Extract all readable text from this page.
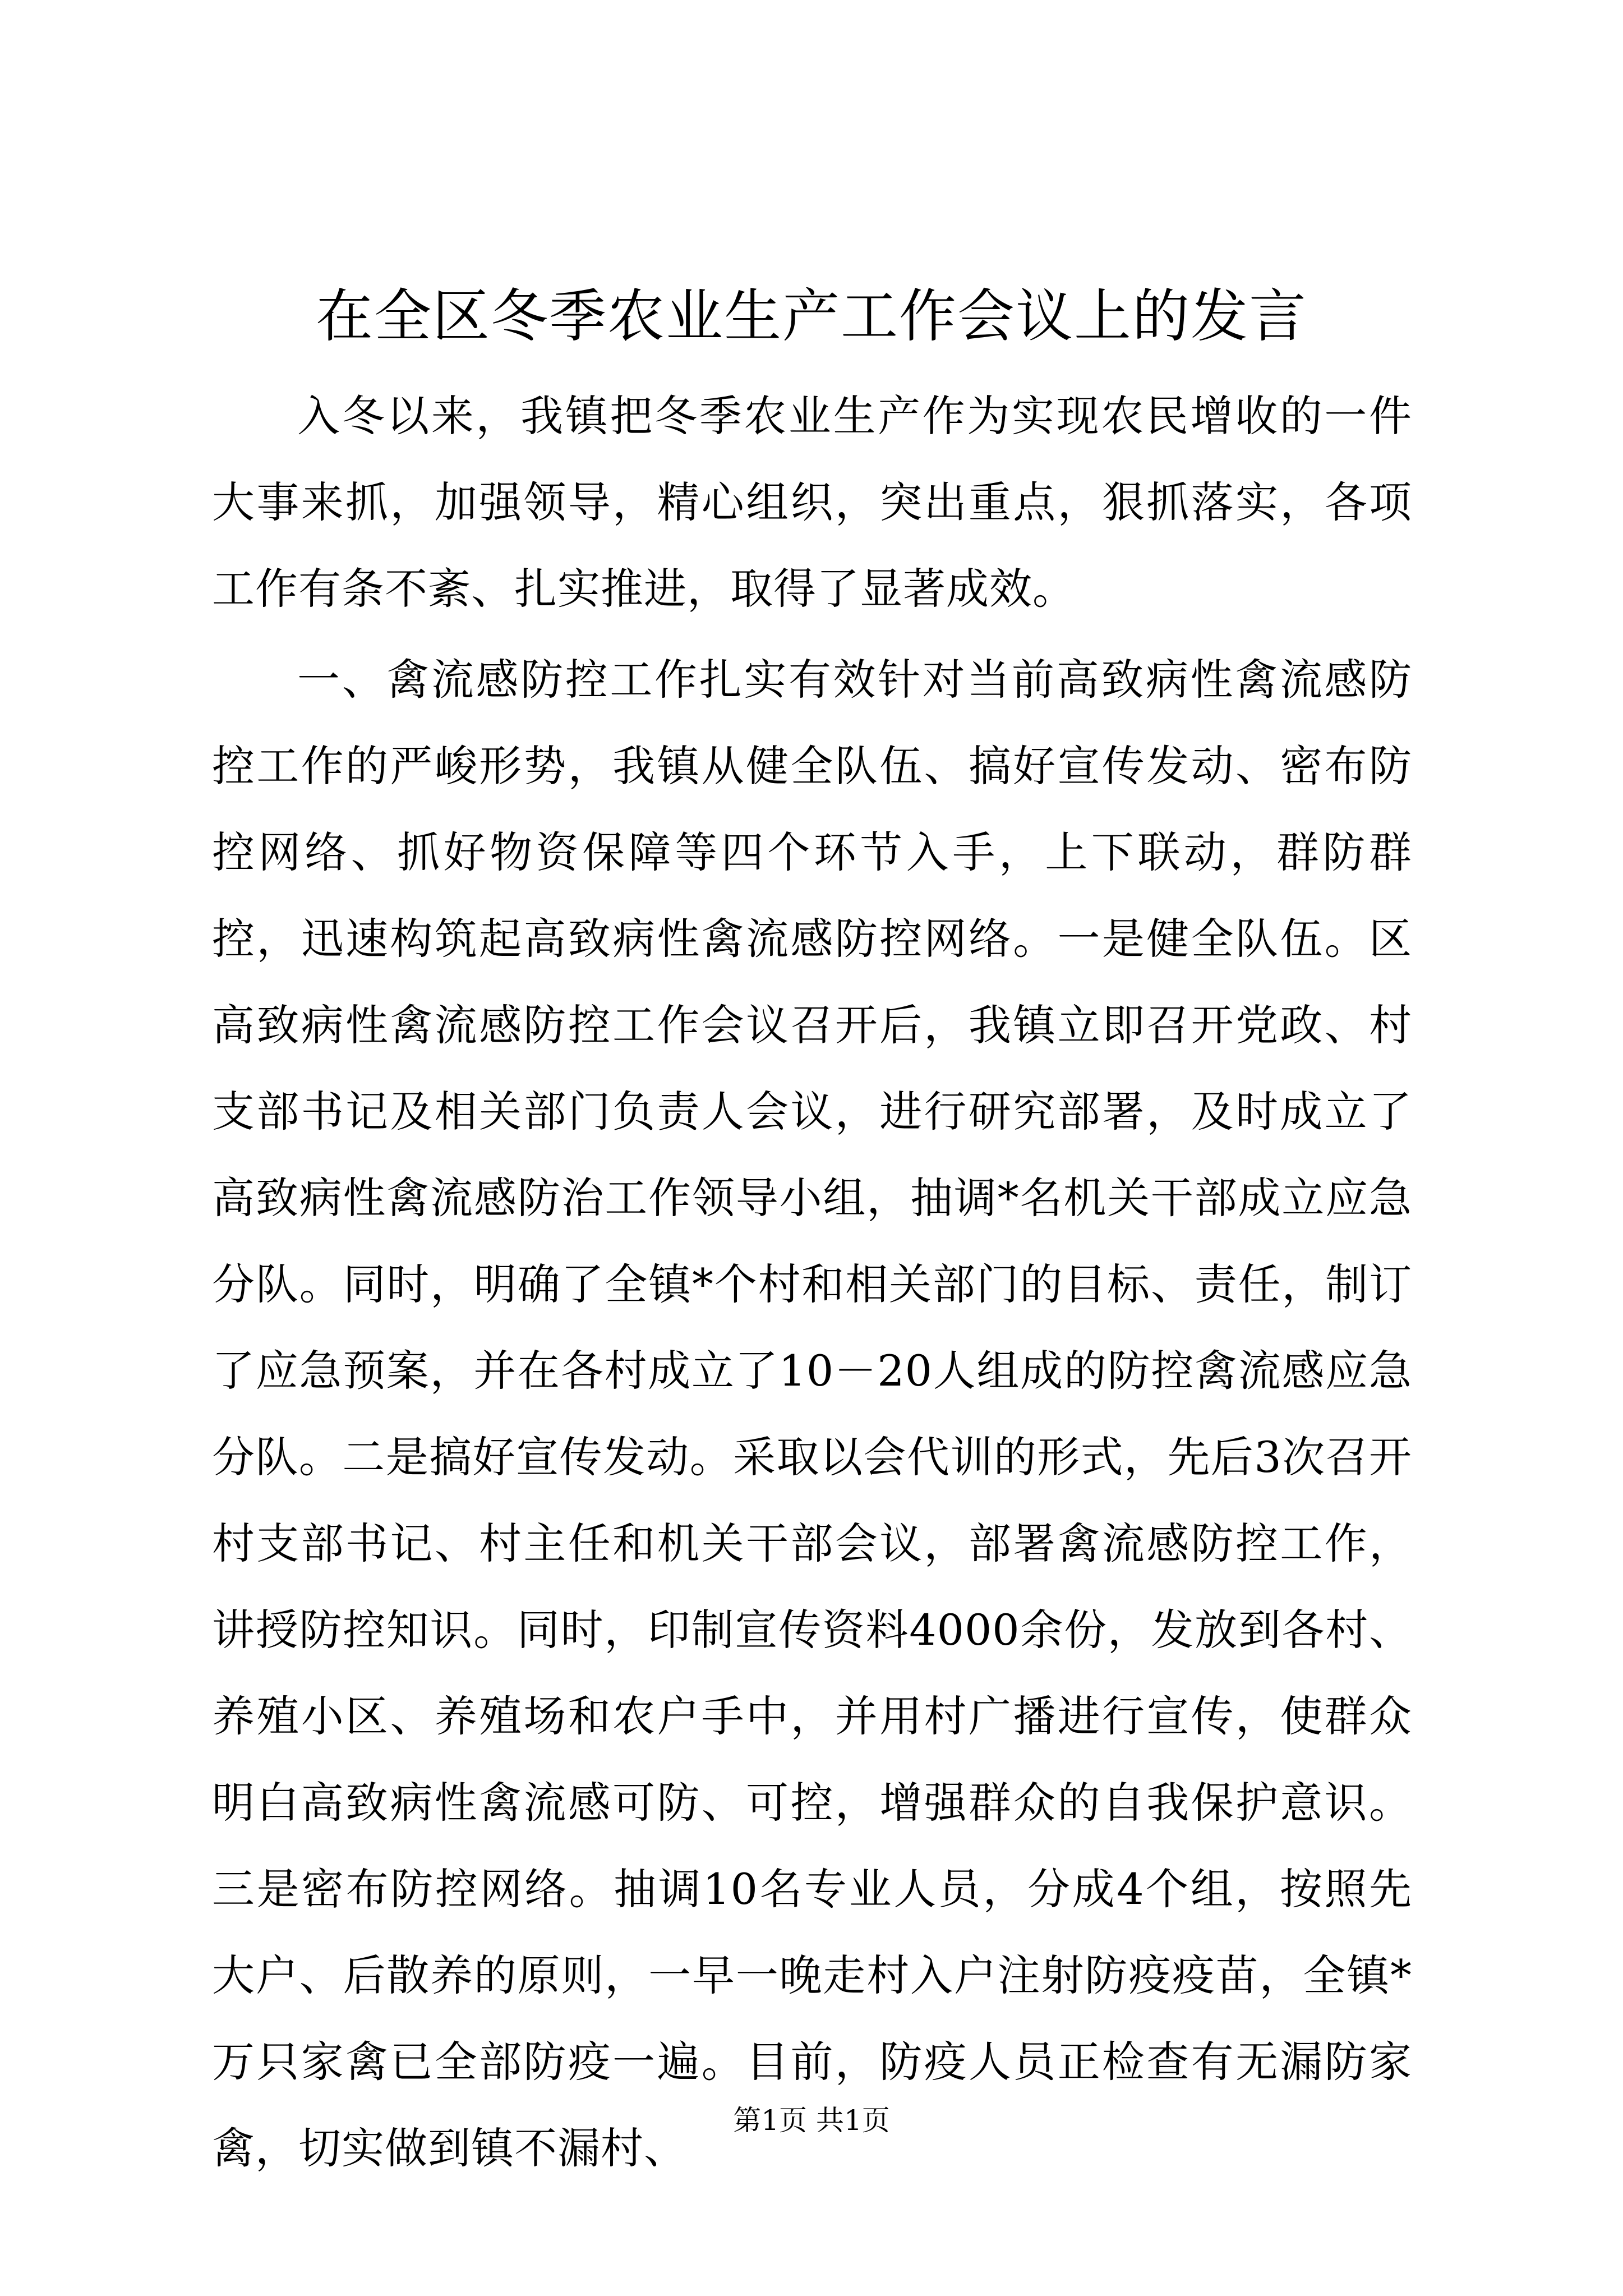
在全区冬季农业生产工作会议上的发言

入冬以来，我镇把冬季农业生产作为实现农民增收的一件大事来抓，加强领导，精心组织，突出重点，狠抓落实，各项工作有条不紊、扎实推进，取得了显著成效。

一、禽流感防控工作扎实有效针对当前高致病性禽流感防控工作的严峻形势，我镇从健全队伍、搞好宣传发动、密布防控网络、抓好物资保障等四个环节入手，上下联动，群防群控，迅速构筑起高致病性禽流感防控网络。一是健全队伍。区高致病性禽流感防控工作会议召开后，我镇立即召开党政、村支部书记及相关部门负责人会议，进行研究部署，及时成立了高致病性禽流感防治工作领导小组，抽调*名机关干部成立应急分队。同时，明确了全镇*个村和相关部门的目标、责任，制订了应急预案，并在各村成立了10－20人组成的防控禽流感应急分队。二是搞好宣传发动。采取以会代训的形式，先后3次召开村支部书记、村主任和机关干部会议，部署禽流感防控工作，讲授防控知识。同时，印制宣传资料4000余份，发放到各村、养殖小区、养殖场和农户手中，并用村广播进行宣传，使群众明白高致病性禽流感可防、可控，增强群众的自我保护意识。三是密布防控网络。抽调10名专业人员，分成4个组，按照先大户、后散养的原则，一早一晚走村入户注射防疫疫苗，全镇*万只家禽已全部防疫一遍。目前，防疫人员正检查有无漏防家禽，切实做到镇不漏村、

第1页 共1页
